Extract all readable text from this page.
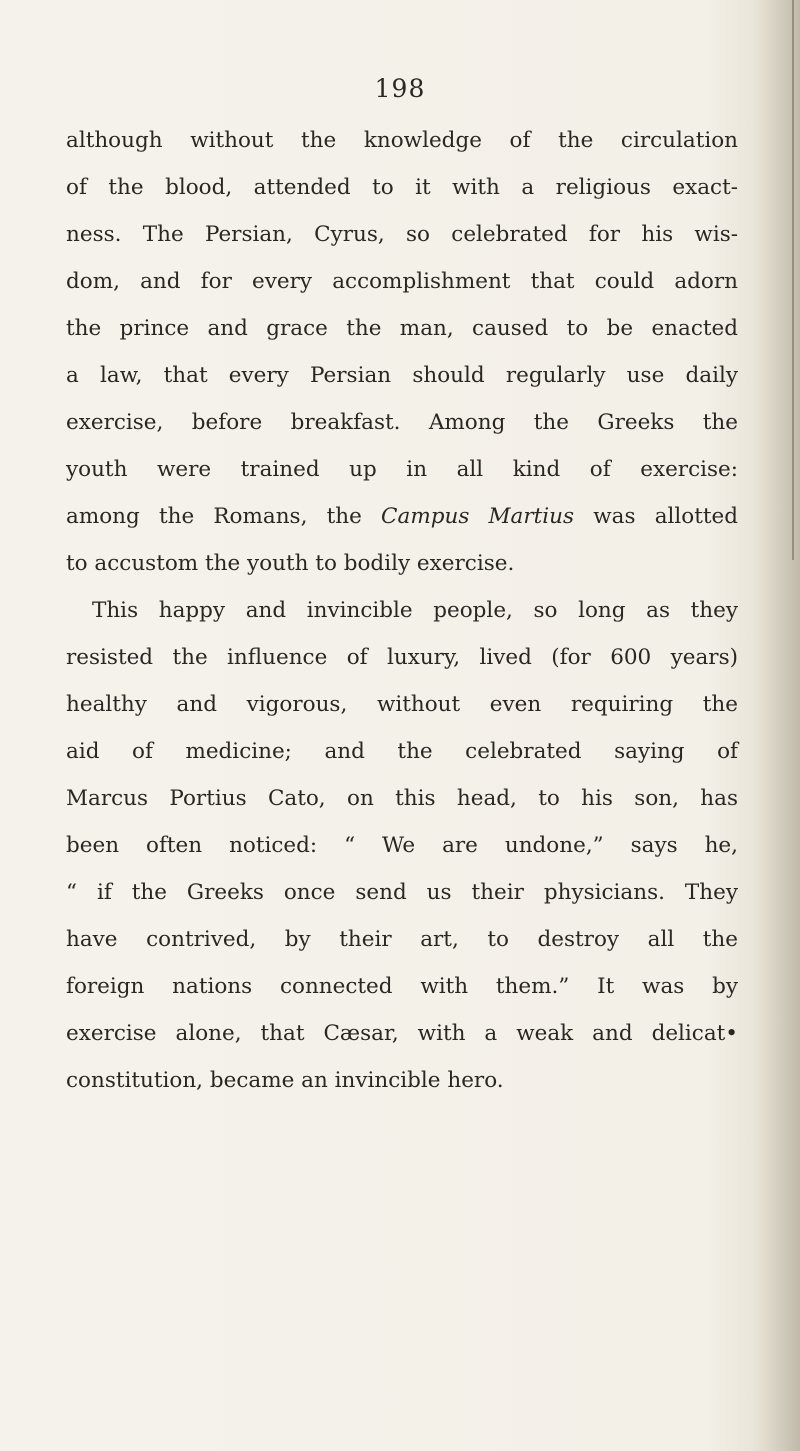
198
although without the knowledge of the circulation
of the blood, attended to it with a religious exact-
ness. The Persian, Cyrus, so celebrated for his wis-
dom, and for every accomplishment that could adorn
the prince and grace the man, caused to be enacted
a law, that every Persian should regularly use daily
exercise, before breakfast. Among the Greeks the
youth were trained up in all kind of exercise:
among the Romans, the Campus Martius was allotted
to accustom the youth to bodily exercise.
This happy and invincible people, so long as they
resisted the influence of luxury, lived (for 600 years)
healthy and vigorous, without even requiring the
aid of medicine; and the celebrated saying of
Marcus Portius Cato, on this head, to his son, has
been often noticed: “ We are undone,” says he,
“ if the Greeks once send us their physicians. They
have contrived, by their art, to destroy all the
foreign nations connected with them.” It was by
exercise alone, that Cæsar, with a weak and delicat•
constitution, became an invincible hero.
